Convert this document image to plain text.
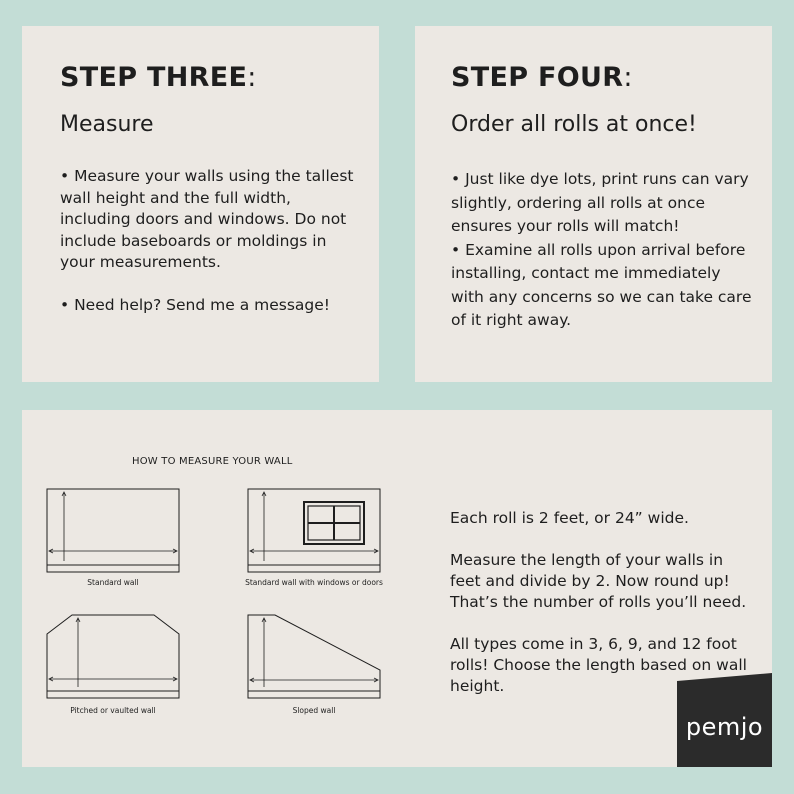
STEP THREE:
Measure

• Measure your walls using the tallest wall height and the full width, including doors and windows. Do not include baseboards or moldings in your measurements.

• Need help? Send me a message!

STEP FOUR:
Order all rolls at once!

• Just like dye lots, print runs can vary slightly, ordering all rolls at once ensures your rolls will match!

• Examine all rolls upon arrival before installing, contact me immediately with any concerns so we can take care of it right away.

HOW TO MEASURE YOUR WALL
Standard wall	Standard wall with windows or doors
Pitched or vaulted wall	Sloped wall

Each roll is 2 feet, or 24” wide.

Measure the length of your walls in feet and divide by 2. Now round up! That’s the number of rolls you’ll need.

All types come in 3, 6, 9, and 12 foot rolls! Choose the length based on wall height.

pemjo
